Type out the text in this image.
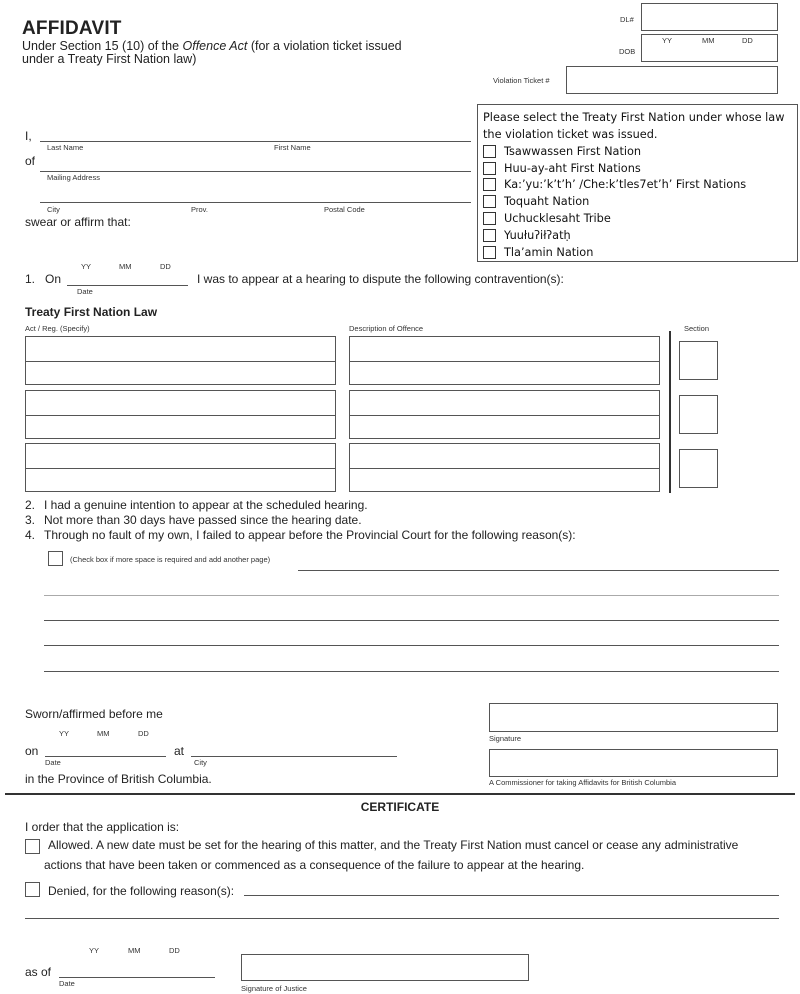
AFFIDAVIT
Under Section 15 (10) of the Offence Act (for a violation ticket issued
under a Treaty First Nation law)
DL#
DOB
YY	MM	DD
Violation Ticket #
Please select the Treaty First Nation under whose law the violation ticket was issued.
Tsawwassen First Nation
Huu-ay-aht First Nations
Ka:’yu:’k’t’h’ /Che:k’tles7et’h’ First Nations
Toquaht Nation
Uchucklesaht Tribe
Yuułuʔiłʔatḥ
Tla’amin Nation
I,
Last Name	First Name
of
Mailing Address
City	Prov.	Postal Code
swear or affirm that:
YY	MM	DD
1. On
Date
I was to appear at a hearing to dispute the following contravention(s):
Treaty First Nation Law
Act / Reg. (Specify)	Description of Offence	Section
2. I had a genuine intention to appear at the scheduled hearing.
3. Not more than 30 days have passed since the hearing date.
4. Through no fault of my own, I failed to appear before the Provincial Court for the following reason(s):
(Check box if more space is required and add another page)
Sworn/affirmed before me
YY	MM	DD
on
Date
at
City
in the Province of British Columbia.
Signature
A Commissioner for taking Affidavits for British Columbia
CERTIFICATE
I order that the application is:
Allowed. A new date must be set for the hearing of this matter, and the Treaty First Nation must cancel or cease any administrative
actions that have been taken or commenced as a consequence of the failure to appear at the hearing.
Denied, for the following reason(s):
YY	MM	DD
as of
Date
Signature of Justice
